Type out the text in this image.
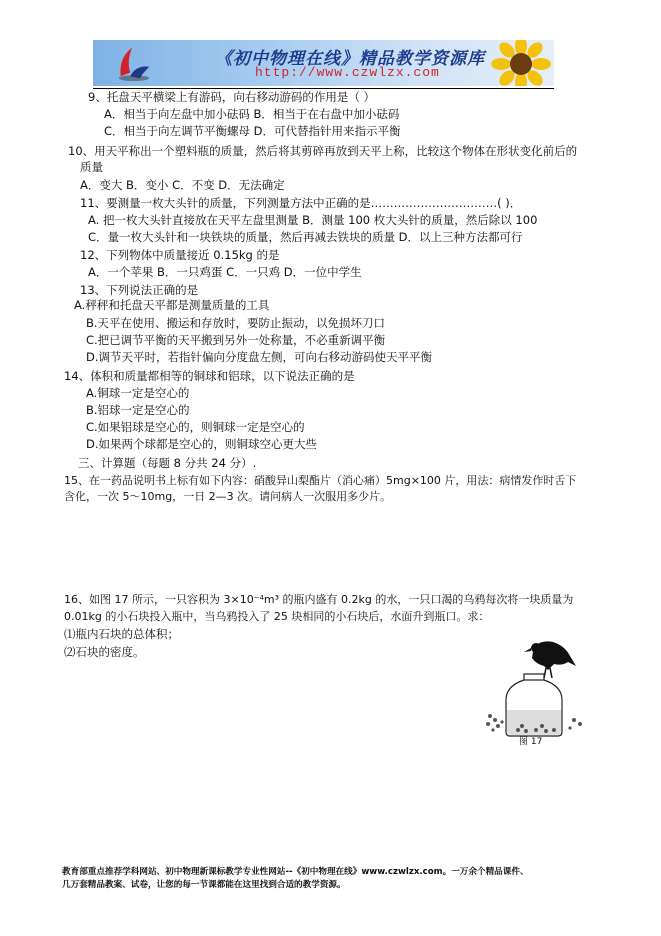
《初中物理在线》精品教学资源库
http://www.czwlzx.com
9、托盘天平横梁上有游码，向右移动游码的作用是（ ）
A．相当于向左盘中加小砝码 B．相当于在右盘中加小砝码
C．相当于向左调节平衡螺母 D．可代替指针用来指示平衡
10、用天平称出一个塑料瓶的质量，然后将其剪碎再放到天平上称，比较这个物体在形状变化前后的
质量
A．变大 B．变小 C．不变 D．无法确定
11、要测量一枚大头针的质量，下列测量方法中正确的是……………………………( )．
A. 把一枚大头针直接放在天平左盘里测量 B．测量 100 枚大头针的质量，然后除以 100
C．量一枚大头针和一块铁块的质量，然后再减去铁块的质量 D．以上三种方法都可行
12、下列物体中质量接近 0.15kg 的是
A．一个苹果 B．一只鸡蛋 C．一只鸡 D．一位中学生
13、下列说法正确的是
A.秤秤和托盘天平都是测量质量的工具
B.天平在使用、搬运和存放时，要防止振动，以免损坏刀口
C.把已调节平衡的天平搬到另外一处称量，不必重新调平衡
D.调节天平时，若指针偏向分度盘左侧，可向右移动游码使天平平衡
14、体积和质量都相等的铜球和铝球，以下说法正确的是
A.铜球一定是空心的
B.铝球一定是空心的
C.如果铝球是空心的，则铜球一定是空心的
D.如果两个球都是空心的，则铜球空心更大些
三、计算题（每题 8 分共 24 分）.
15、在一药品说明书上标有如下内容：硝酸异山梨酯片（消心痛）5mg×100 片，用法：病情发作时舌下
含化，一次 5～10mg，一日 2—3 次。请问病人一次服用多少片。
16、如图 17 所示，一只容积为 3×10⁻⁴m³ 的瓶内盛有 0.2kg 的水，一只口渴的乌鸦每次将一块质量为
0.01kg 的小石块投入瓶中，当乌鸦投入了 25 块相同的小石块后，水面升到瓶口。求：
⑴瓶内石块的总体积；
⑵石块的密度。
图 17
教育部重点推荐学科网站、初中物理新课标教学专业性网站--《初中物理在线》www.czwlzx.com。一万余个精品课件、
几万套精品教案、试卷，让您的每一节课都能在这里找到合适的教学资源。
